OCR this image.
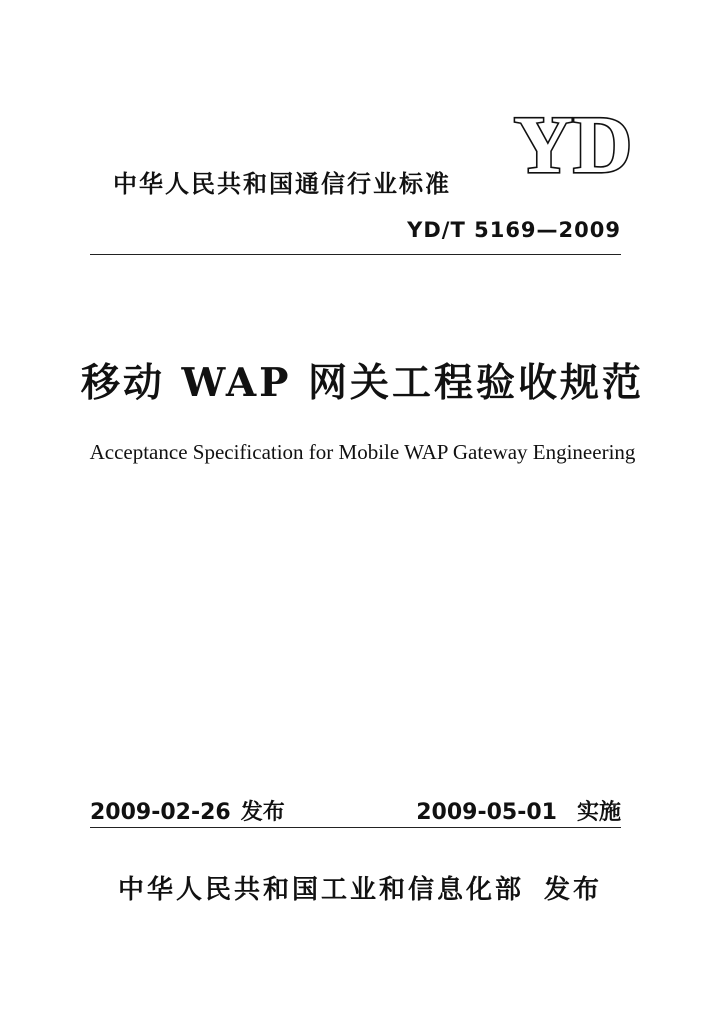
YD
中华人民共和国通信行业标准
YD/T 5169—2009
移动 WAP 网关工程验收规范
Acceptance Specification for Mobile WAP Gateway Engineering
2009-02-26 发布	2009-05-01 实施
中华人民共和国工业和信息化部 发布
